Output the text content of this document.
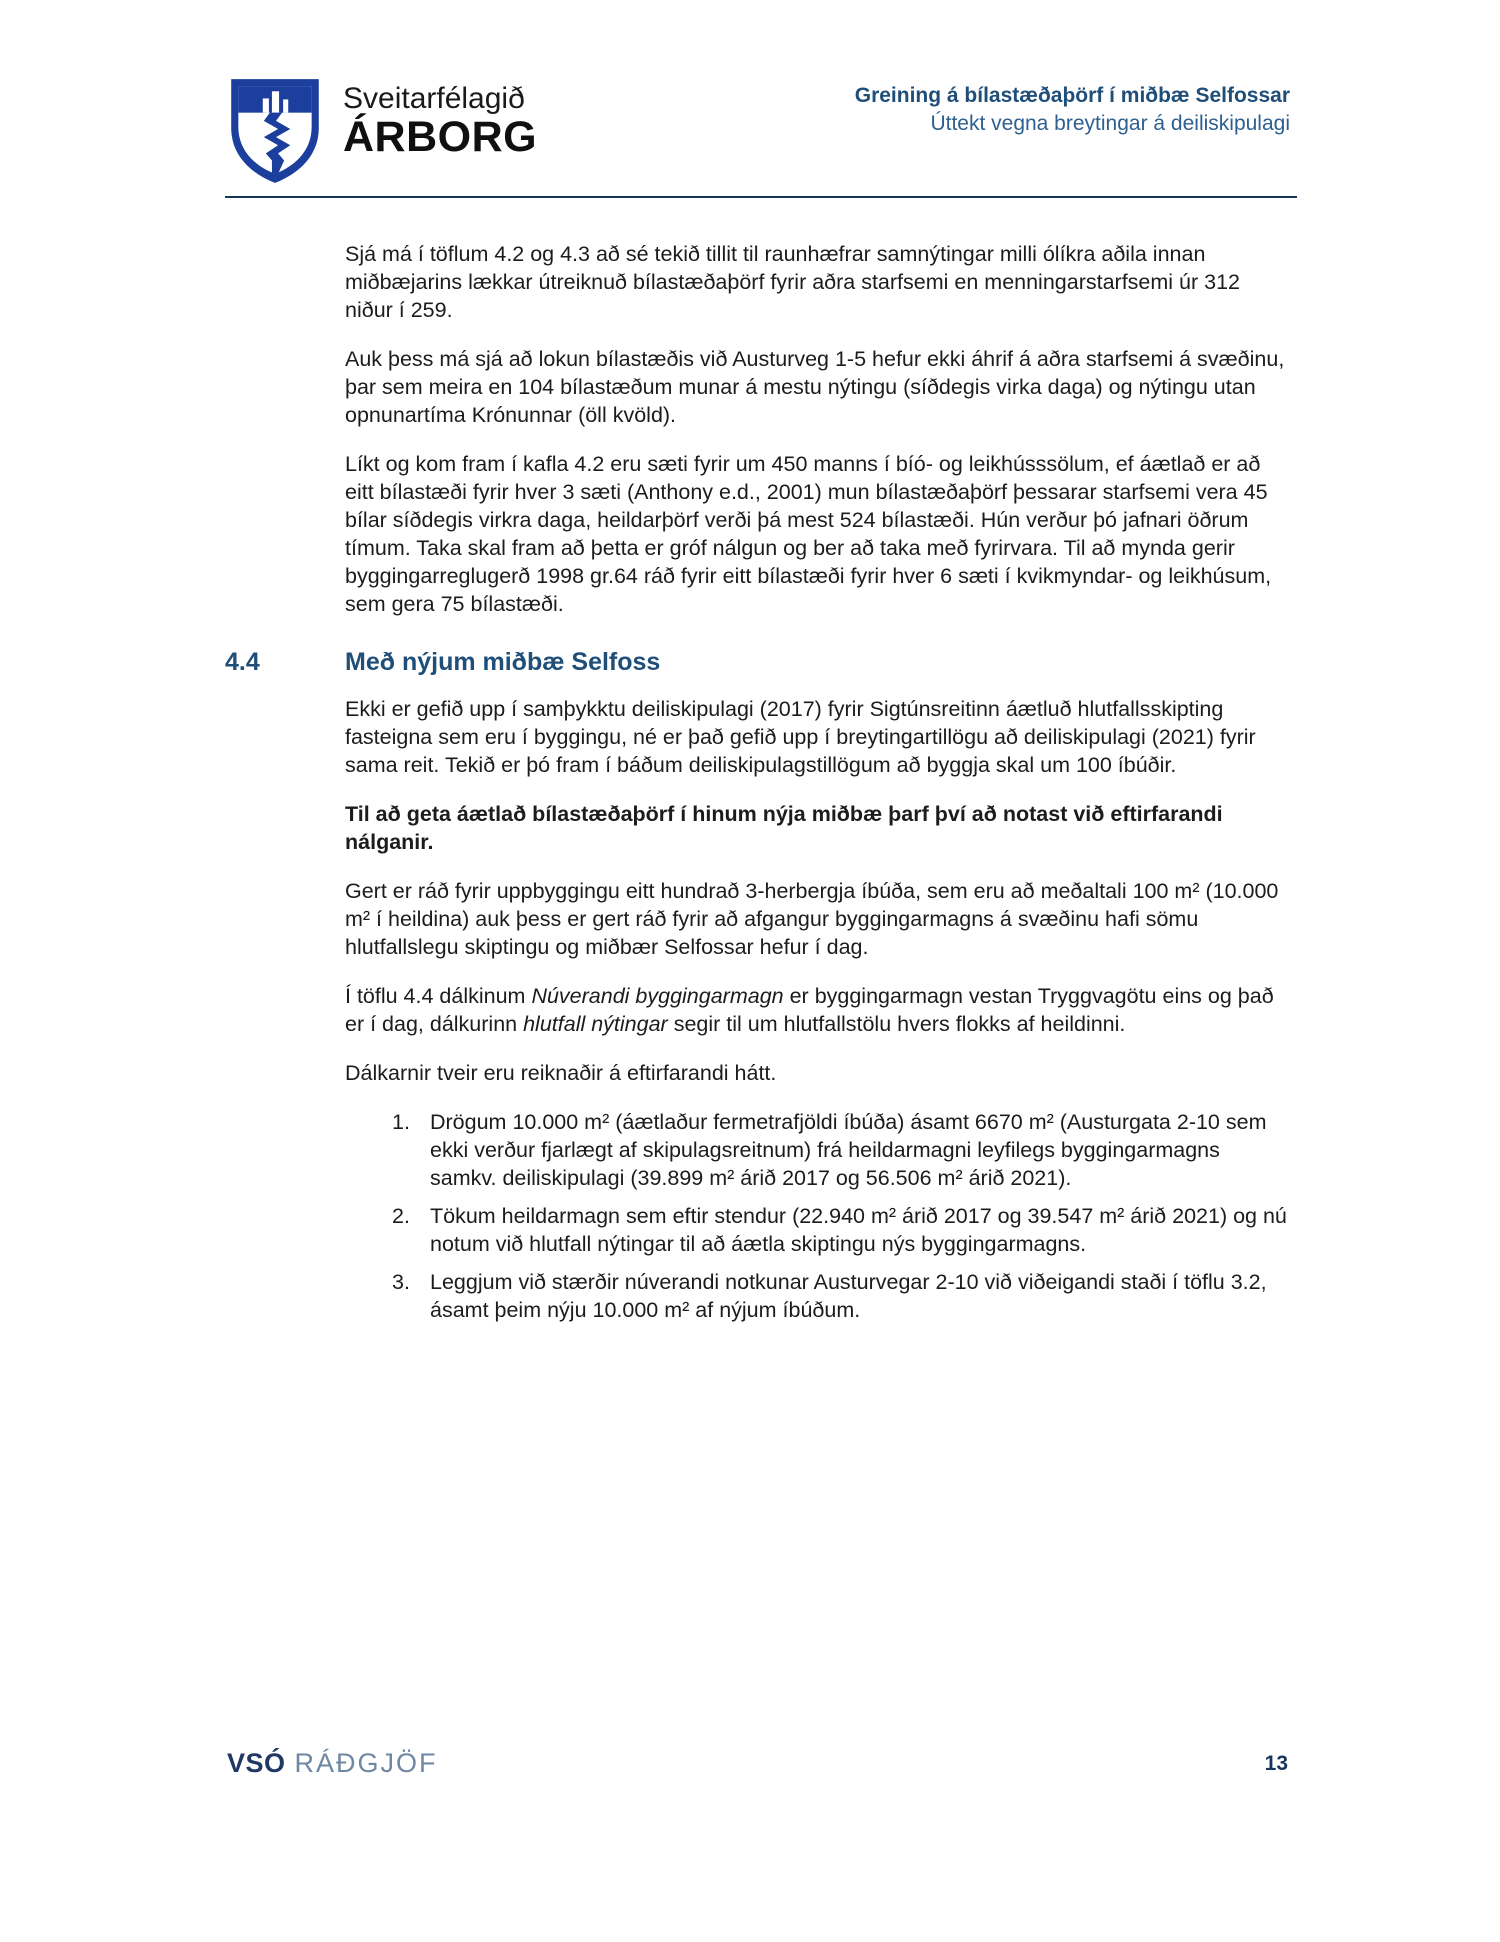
Sveitarfélagið
ÁRBORG
Greining á bílastæðaþörf í miðbæ Selfossar
Úttekt vegna breytingar á deiliskipulagi
Sjá má í töflum 4.2 og 4.3 að sé tekið tillit til raunhæfrar samnýtingar milli ólíkra aðila innan miðbæjarins lækkar útreiknuð bílastæðaþörf fyrir aðra starfsemi en menningarstarfsemi úr 312 niður í 259.
Auk þess má sjá að lokun bílastæðis við Austurveg 1-5 hefur ekki áhrif á aðra starfsemi á svæðinu, þar sem meira en 104 bílastæðum munar á mestu nýtingu (síðdegis virka daga) og nýtingu utan opnunartíma Krónunnar (öll kvöld).
Líkt og kom fram í kafla 4.2 eru sæti fyrir um 450 manns í bíó- og leikhússsölum, ef áætlað er að eitt bílastæði fyrir hver 3 sæti (Anthony e.d., 2001) mun bílastæðaþörf þessarar starfsemi vera 45 bílar síðdegis virkra daga, heildarþörf verði þá mest 524 bílastæði. Hún verður þó jafnari öðrum tímum. Taka skal fram að þetta er gróf nálgun og ber að taka með fyrirvara. Til að mynda gerir byggingarreglugerð 1998 gr.64 ráð fyrir eitt bílastæði fyrir hver 6 sæti í kvikmyndar- og leikhúsum, sem gera 75 bílastæði.
4.4	Með nýjum miðbæ Selfoss
Ekki er gefið upp í samþykktu deiliskipulagi (2017) fyrir Sigtúnsreitinn áætluð hlutfallsskipting fasteigna sem eru í byggingu, né er það gefið upp í breytingartillögu að deiliskipulagi (2021) fyrir sama reit. Tekið er þó fram í báðum deiliskipulagstillögum að byggja skal um 100 íbúðir.
Til að geta áætlað bílastæðaþörf í hinum nýja miðbæ þarf því að notast við eftirfarandi nálganir.
Gert er ráð fyrir uppbyggingu eitt hundrað 3-herbergja íbúða, sem eru að meðaltali 100 m² (10.000 m² í heildina) auk þess er gert ráð fyrir að afgangur byggingarmagns á svæðinu hafi sömu hlutfallslegu skiptingu og miðbær Selfossar hefur í dag.
Í töflu 4.4 dálkinum Núverandi byggingarmagn er byggingarmagn vestan Tryggvagötu eins og það er í dag, dálkurinn hlutfall nýtingar segir til um hlutfallstölu hvers flokks af heildinni.
Dálkarnir tveir eru reiknaðir á eftirfarandi hátt.
1. Drögum 10.000 m² (áætlaður fermetrafjöldi íbúða) ásamt 6670 m² (Austurgata 2-10 sem ekki verður fjarlægt af skipulagsreitnum) frá heildarmagni leyfilegs byggingarmagns samkv. deiliskipulagi (39.899 m² árið 2017 og 56.506 m² árið 2021).
2. Tökum heildarmagn sem eftir stendur (22.940 m² árið 2017 og 39.547 m² árið 2021) og nú notum við hlutfall nýtingar til að áætla skiptingu nýs byggingarmagns.
3. Leggjum við stærðir núverandi notkunar Austurvegar 2-10 við viðeigandi staði í töflu 3.2, ásamt þeim nýju 10.000 m² af nýjum íbúðum.
VSÓ RÁÐGJÖF	13
